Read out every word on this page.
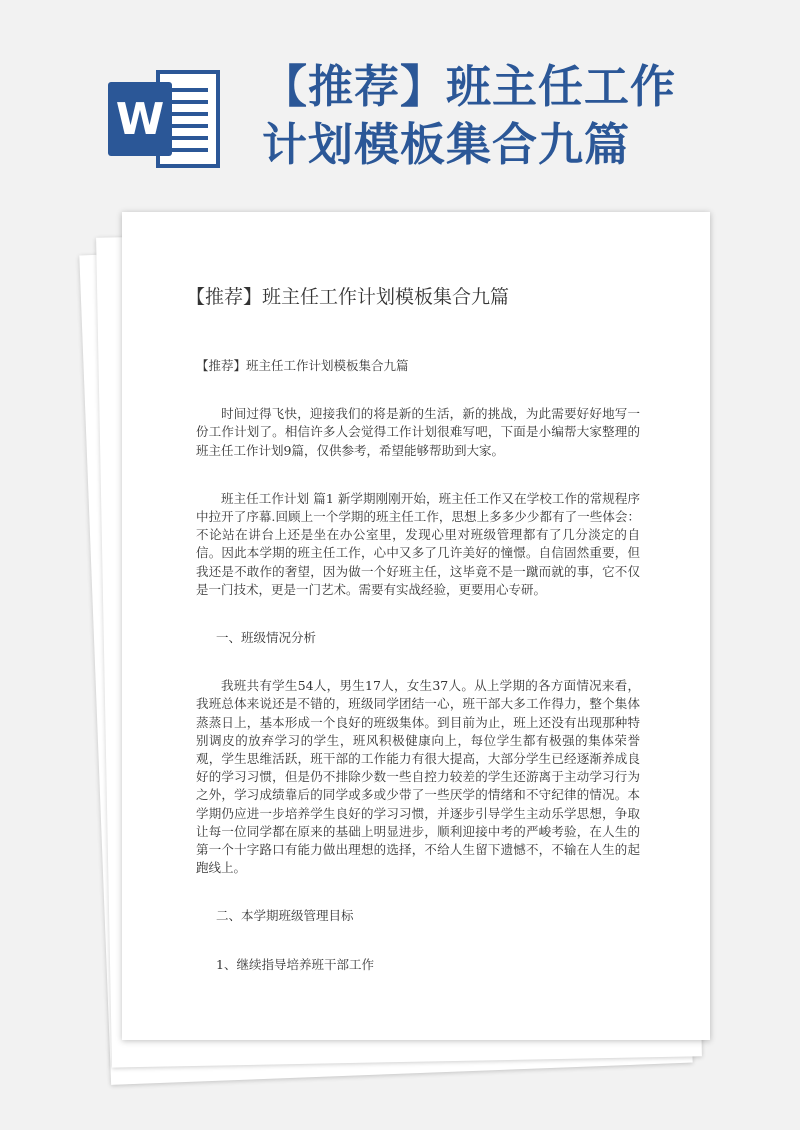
W
【推荐】班主任工作计划模板集合九篇
【推荐】班主任工作计划模板集合九篇

【推荐】班主任工作计划模板集合九篇

时间过得飞快，迎接我们的将是新的生活，新的挑战，为此需要好好地写一份工作计划了。相信许多人会觉得工作计划很难写吧，下面是小编帮大家整理的班主任工作计划9篇，仅供参考，希望能够帮助到大家。

班主任工作计划 篇1 新学期刚刚开始，班主任工作又在学校工作的常规程序中拉开了序幕.回顾上一个学期的班主任工作，思想上多多少少都有了一些体会：不论站在讲台上还是坐在办公室里，发现心里对班级管理都有了几分淡定的自信。因此本学期的班主任工作，心中又多了几许美好的憧憬。自信固然重要，但我还是不敢作的奢望，因为做一个好班主任，这毕竟不是一蹴而就的事，它不仅是一门技术，更是一门艺术。需要有实战经验，更要用心专研。

一、班级情况分析

我班共有学生54人，男生17人，女生37人。从上学期的各方面情况来看，我班总体来说还是不错的，班级同学团结一心，班干部大多工作得力，整个集体蒸蒸日上，基本形成一个良好的班级集体。到目前为止，班上还没有出现那种特别调皮的放弃学习的学生，班风积极健康向上，每位学生都有极强的集体荣誉观，学生思维活跃，班干部的工作能力有很大提高，大部分学生已经逐渐养成良好的学习习惯，但是仍不排除少数一些自控力较差的学生还游离于主动学习行为之外，学习成绩靠后的同学或多或少带了一些厌学的情绪和不守纪律的情况。本学期仍应进一步培养学生良好的学习习惯，并逐步引导学生主动乐学思想，争取让每一位同学都在原来的基础上明显进步，顺利迎接中考的严峻考验，在人生的第一个十字路口有能力做出理想的选择，不给人生留下遗憾不，不输在人生的起跑线上。

二、本学期班级管理目标

1、继续指导培养班干部工作
